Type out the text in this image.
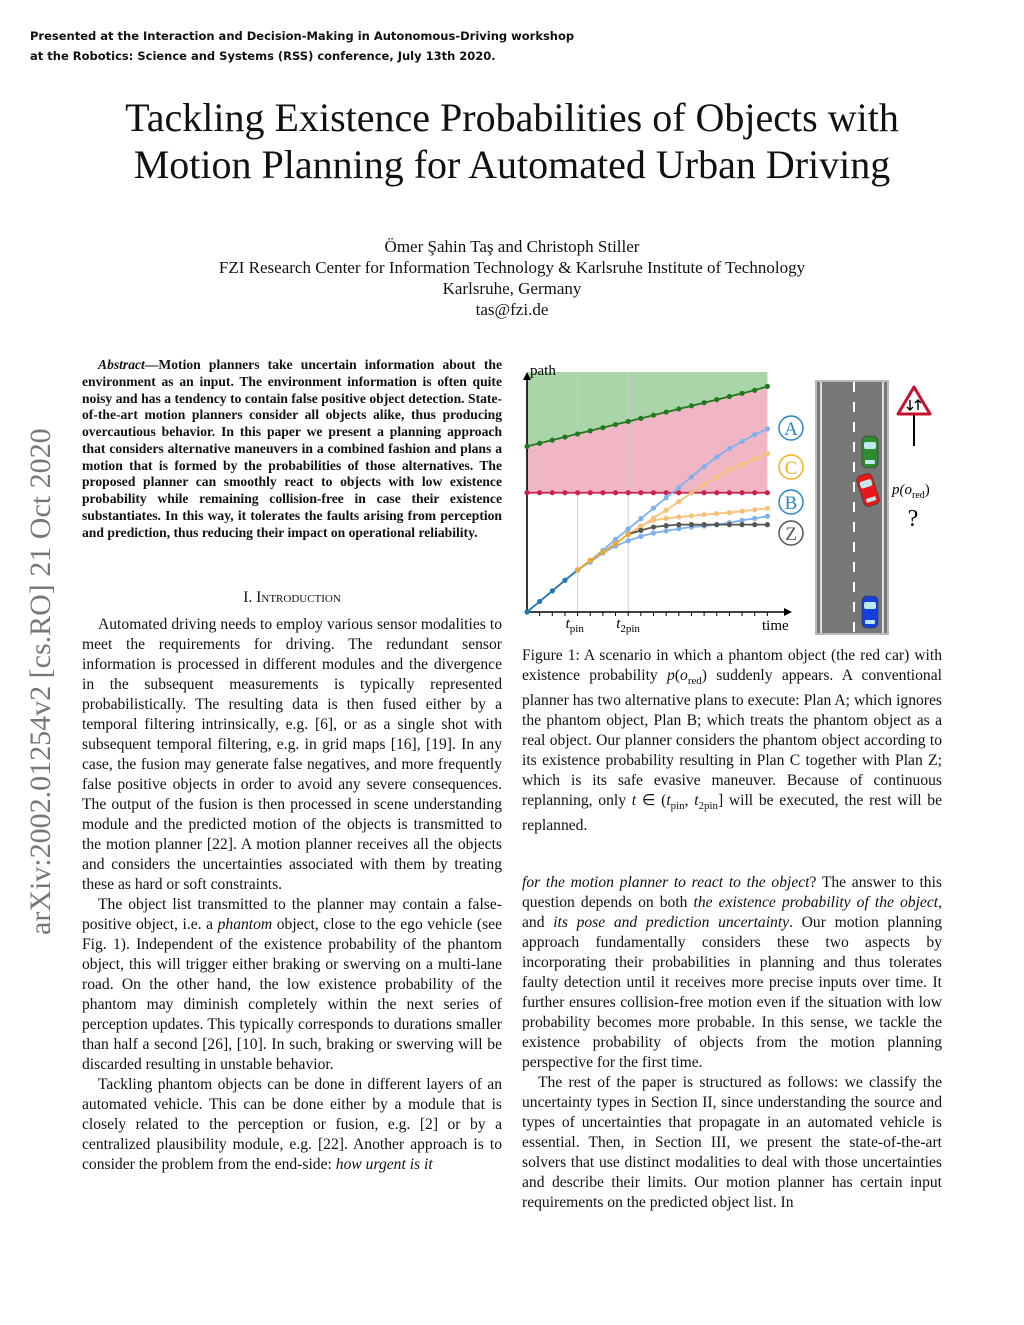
Presented at the Interaction and Decision-Making in Autonomous-Driving workshop
at the Robotics: Science and Systems (RSS) conference, July 13th 2020.
Tackling Existence Probabilities of Objects with
Motion Planning for Automated Urban Driving
Ömer Şahin Taş and Christoph Stiller
FZI Research Center for Information Technology & Karlsruhe Institute of Technology
Karlsruhe, Germany
tas@fzi.de
arXiv:2002.01254v2 [cs.RO] 21 Oct 2020
Abstract—Motion planners take uncertain information about the environment as an input. The environment information is often quite noisy and has a tendency to contain false positive object detection. State-of-the-art motion planners consider all objects alike, thus producing overcautious behavior. In this paper we present a planning approach that considers alternative maneuvers in a combined fashion and plans a motion that is formed by the probabilities of those alternatives. The proposed planner can smoothly react to objects with low existence probability while remaining collision-free in case their existence substantiates. In this way, it tolerates the faults arising from perception and prediction, thus reducing their impact on operational reliability.
I. Introduction

Automated driving needs to employ various sensor modalities to meet the requirements for driving. The redundant sensor information is processed in different modules and the divergence in the subsequent measurements is typically represented probabilistically. The resulting data is then fused either by a temporal filtering intrinsically, e.g. [6], or as a single shot with subsequent temporal filtering, e.g. in grid maps [16], [19]. In any case, the fusion may generate false negatives, and more frequently false positive objects in order to avoid any severe consequences. The output of the fusion is then processed in scene understanding module and the predicted motion of the objects is transmitted to the motion planner [22]. A motion planner receives all the objects and considers the uncertainties associated with them by treating these as hard or soft constraints.

The object list transmitted to the planner may contain a false-positive object, i.e. a phantom object, close to the ego vehicle (see Fig. 1). Independent of the existence probability of the phantom object, this will trigger either braking or swerving on a multi-lane road. On the other hand, the low existence probability of the phantom may diminish completely within the next series of perception updates. This typically corresponds to durations smaller than half a second [26], [10]. In such, braking or swerving will be discarded resulting in unstable behavior.

Tackling phantom objects can be done in different layers of an automated vehicle. This can be done either by a module that is closely related to the perception or fusion, e.g. [2] or by a centralized plausibility module, e.g. [22]. Another approach is to consider the problem from the end-side: how urgent is it

path
time
$t_{pin}$ $t_{2pin}$
A
C
B
Z
$p(o_{red})$
?
Figure 1: A scenario in which a phantom object (the red car) with existence probability $p(o_{red})$ suddenly appears. A conventional planner has two alternative plans to execute: Plan A; which ignores the phantom object, Plan B; which treats the phantom object as a real object. Our planner considers the phantom object according to its existence probability resulting in Plan C together with Plan Z; which is its safe evasive maneuver. Because of continuous replanning, only t ∈ ($t_{pin}$, $t_{2pin}$] will be executed, the rest will be replanned.

for the motion planner to react to the object? The answer to this question depends on both the existence probability of the object, and its pose and prediction uncertainty. Our motion planning approach fundamentally considers these two aspects by incorporating their probabilities in planning and thus tolerates faulty detection until it receives more precise inputs over time. It further ensures collision-free motion even if the situation with low probability becomes more probable. In this sense, we tackle the existence probability of objects from the motion planning perspective for the first time.

The rest of the paper is structured as follows: we classify the uncertainty types in Section II, since understanding the source and types of uncertainties that propagate in an automated vehicle is essential. Then, in Section III, we present the state-of-the-art solvers that use distinct modalities to deal with those uncertainties and describe their limits. Our motion planner has certain input requirements on the predicted object list. In
